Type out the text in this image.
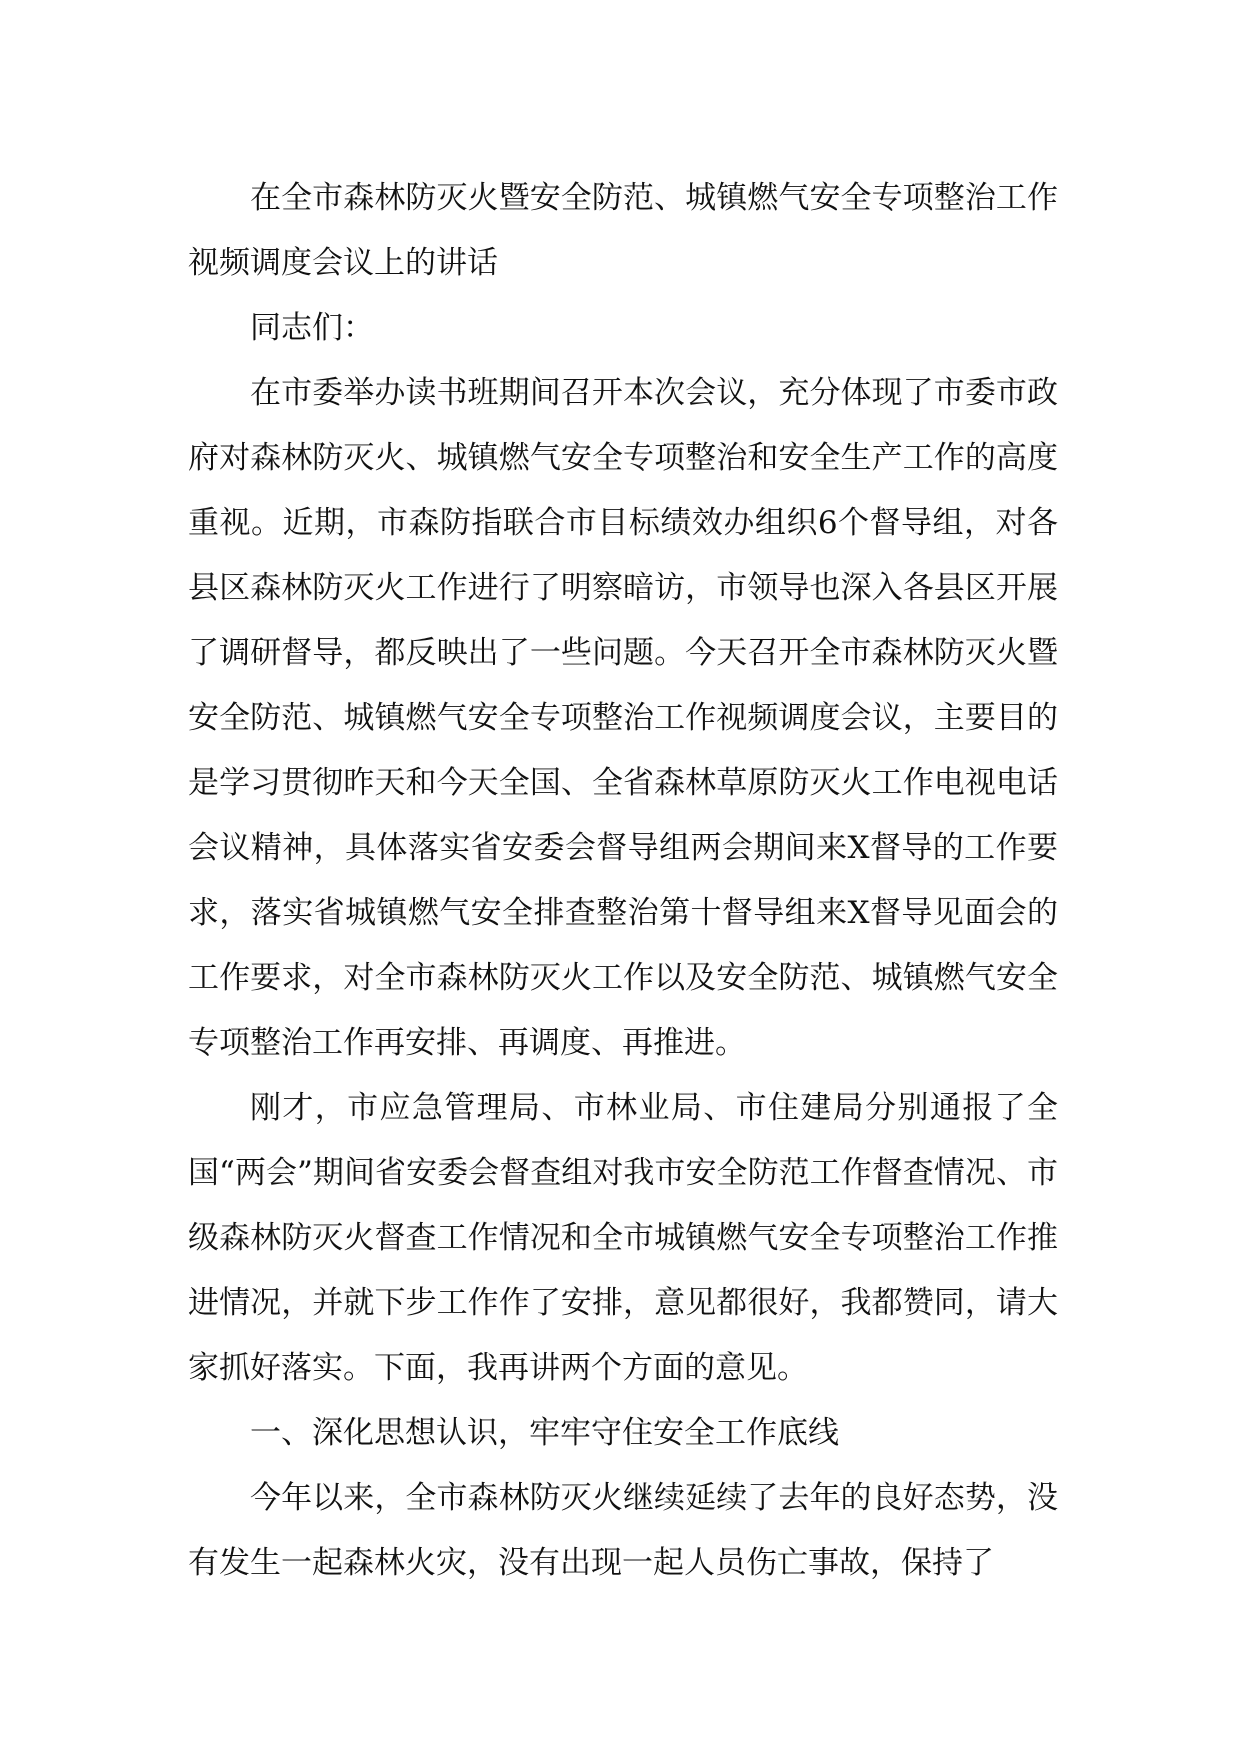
在全市森林防灭火暨安全防范、城镇燃气安全专项整治工作视频调度会议上的讲话

同志们：

在市委举办读书班期间召开本次会议，充分体现了市委市政府对森林防灭火、城镇燃气安全专项整治和安全生产工作的高度重视。近期，市森防指联合市目标绩效办组织6个督导组，对各县区森林防灭火工作进行了明察暗访，市领导也深入各县区开展了调研督导，都反映出了一些问题。今天召开全市森林防灭火暨安全防范、城镇燃气安全专项整治工作视频调度会议，主要目的是学习贯彻昨天和今天全国、全省森林草原防灭火工作电视电话会议精神，具体落实省安委会督导组两会期间来X督导的工作要求，落实省城镇燃气安全排查整治第十督导组来X督导见面会的工作要求，对全市森林防灭火工作以及安全防范、城镇燃气安全专项整治工作再安排、再调度、再推进。

刚才，市应急管理局、市林业局、市住建局分别通报了全国“两会”期间省安委会督查组对我市安全防范工作督查情况、市级森林防灭火督查工作情况和全市城镇燃气安全专项整治工作推进情况，并就下步工作作了安排，意见都很好，我都赞同，请大家抓好落实。下面，我再讲两个方面的意见。

一、深化思想认识，牢牢守住安全工作底线

今年以来，全市森林防灭火继续延续了去年的良好态势，没有发生一起森林火灾，没有出现一起人员伤亡事故，保持了
